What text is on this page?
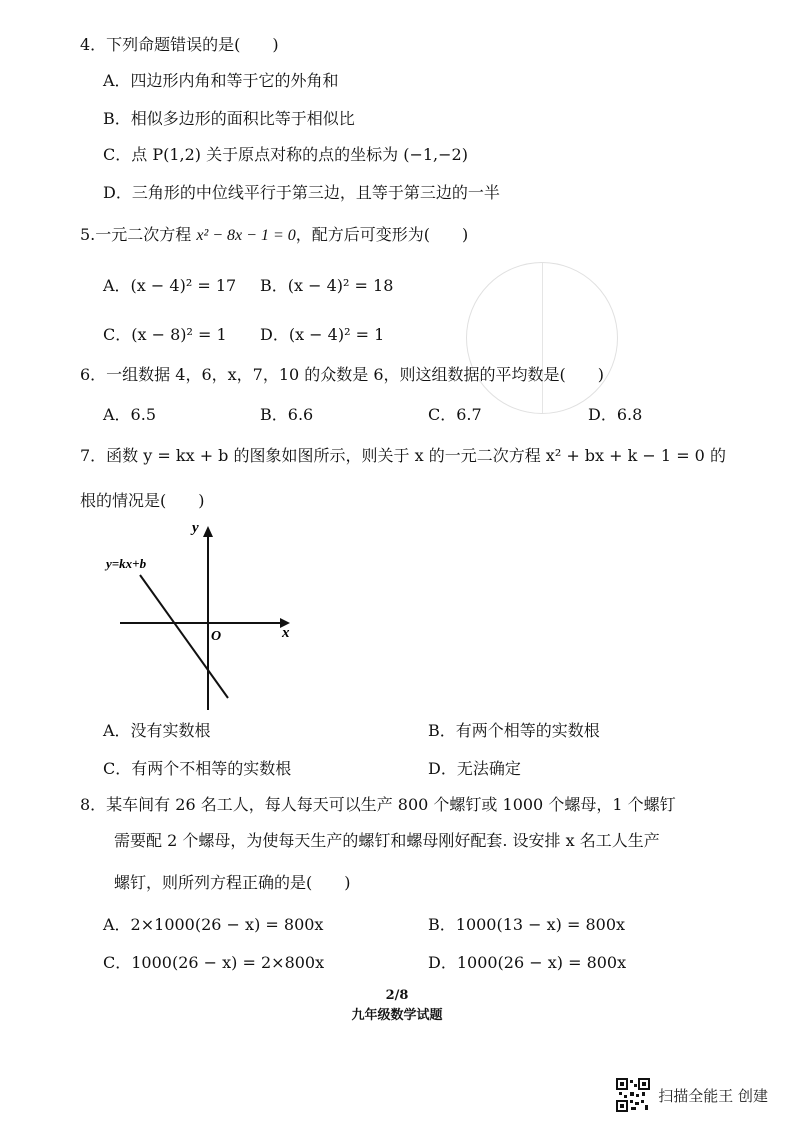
4．下列命题错误的是(　　)
A．四边形内角和等于它的外角和
B．相似多边形的面积比等于相似比
C．点 P(1,2) 关于原点对称的点的坐标为 (−1,−2)
D．三角形的中位线平行于第三边，且等于第三边的一半
5.一元二次方程 x² − 8x − 1 = 0，配方后可变形为(　　)
A．(x − 4)² = 17 B．(x − 4)² = 18
C．(x − 8)² = 1 D．(x − 4)² = 1
6．一组数据 4，6，x，7，10 的众数是 6，则这组数据的平均数是(　　)
A．6.5	B．6.6	C．6.7	D．6.8
7．函数 y = kx + b 的图象如图所示，则关于 x 的一元二次方程 x² + bx + k − 1 = 0 的
根的情况是(　　)
y=kx+b
x
y
O
A．没有实数根	B．有两个相等的实数根
C．有两个不相等的实数根	D．无法确定
8．某车间有 26 名工人，每人每天可以生产 800 个螺钉或 1000 个螺母，1 个螺钉
需要配 2 个螺母，为使每天生产的螺钉和螺母刚好配套. 设安排 x 名工人生产
螺钉，则所列方程正确的是(　　)
A．2×1000(26 − x) = 800x	B．1000(13 − x) = 800x
C．1000(26 − x) = 2×800x	D．1000(26 − x) = 800x
2/8
九年级数学试题
扫描全能王 创建
